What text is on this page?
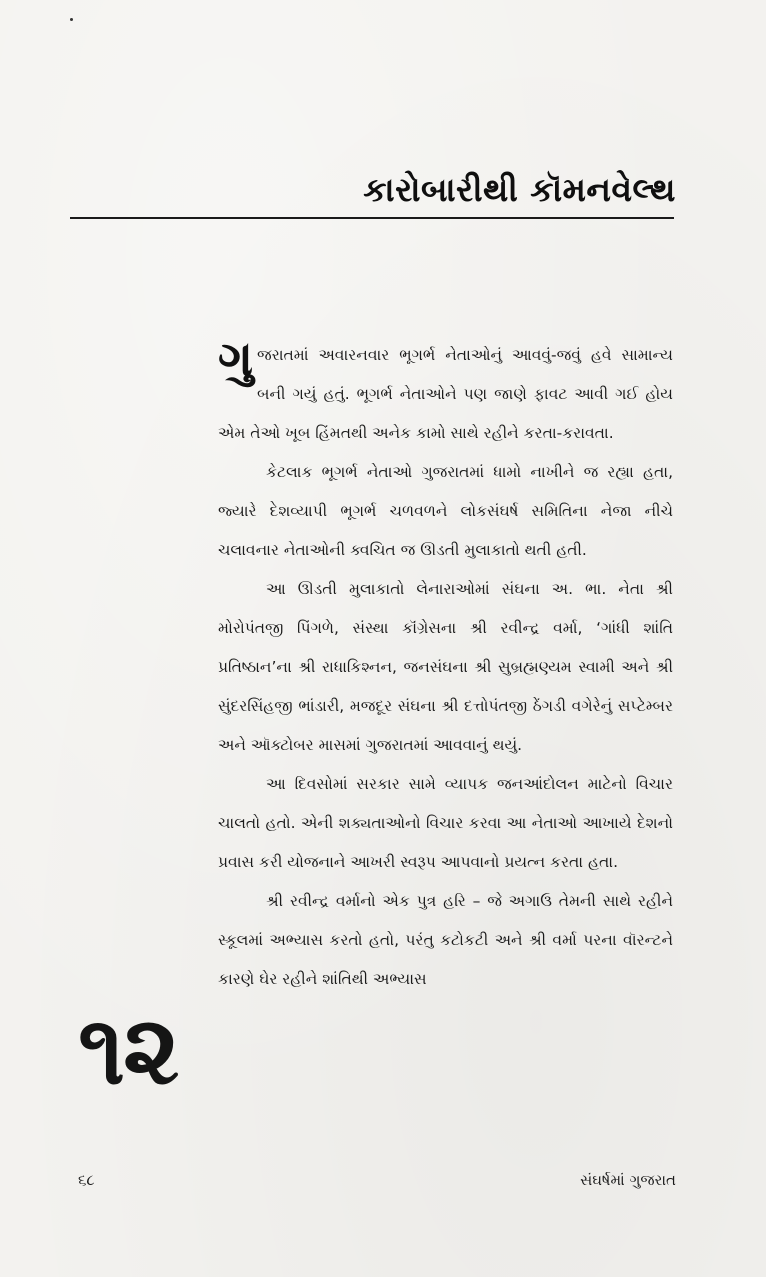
કારોબારીથી કૉમનવેલ્થ

ગુજરાતમાં અવારનવાર ભૂગર્ભ નેતાઓનું આવવું-જવું હવે સામાન્ય બની ગયું હતું. ભૂગર્ભ નેતાઓને પણ જાણે ફાવટ આવી ગઈ હોય એમ તેઓ ખૂબ હિંમતથી અનેક કામો સાથે રહીને કરતા-કરાવતા.

કેટલાક ભૂગર્ભ નેતાઓ ગુજરાતમાં ધામો નાખીને જ રહ્યા હતા, જ્યારે દેશવ્યાપી ભૂગર્ભ ચળવળને લોકસંઘર્ષ સમિતિના નેજા નીચે ચલાવનાર નેતાઓની ક્વચિત જ ઊડતી મુલાકાતો થતી હતી.

આ ઊડતી મુલાકાતો લેનારાઓમાં સંઘના અ. ભા. નેતા શ્રી મોરોપંતજી પિંગળે, સંસ્થા કૉંગ્રેસના શ્રી રવીન્દ્ર વર્મા, ‘ગાંધી શાંતિ પ્રતિષ્ઠાન’ના શ્રી રાધાકિશ્નન, જનસંઘના શ્રી સુબ્રહ્મણ્યમ સ્વામી અને શ્રી સુંદરસિંહજી ભાંડારી, મજદૂર સંઘના શ્રી દત્તોપંતજી ઠેંગડી વગેરેનું સપ્ટેમ્બર અને ઑક્ટોબર માસમાં ગુજરાતમાં આવવાનું થયું.

આ દિવસોમાં સરકાર સામે વ્યાપક જનઆંદોલન માટેનો વિચાર ચાલતો હતો. એની શક્યતાઓનો વિચાર કરવા આ નેતાઓ આખાયે દેશનો પ્રવાસ કરી યોજનાને આખરી સ્વરૂપ આપવાનો પ્રયત્ન કરતા હતા.

શ્રી રવીન્દ્ર વર્માનો એક પુત્ર હરિ – જે અગાઉ તેમની સાથે રહીને સ્કૂલમાં અભ્યાસ કરતો હતો, પરંતુ કટોકટી અને શ્રી વર્મા પરના વૉરન્ટને કારણે ઘેર રહીને શાંતિથી અભ્યાસ

૧૨
૬૮	સંઘર્ષમાં ગુજરાત
